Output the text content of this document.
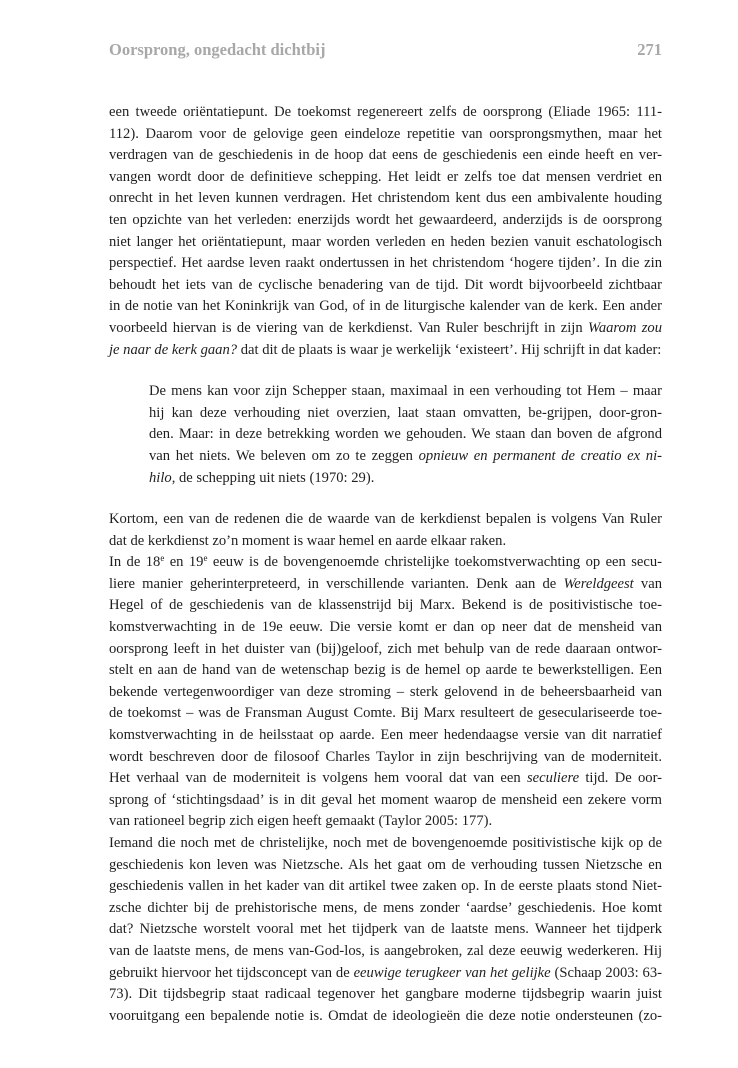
Oorsprong, ongedacht dichtbij	271
een tweede oriëntatiepunt. De toekomst regenereert zelfs de oorsprong (Eliade 1965: 111-
112). Daarom voor de gelovige geen eindeloze repetitie van oorsprongsmythen, maar het
verdragen van de geschiedenis in de hoop dat eens de geschiedenis een einde heeft en ver-
vangen wordt door de definitieve schepping. Het leidt er zelfs toe dat mensen verdriet en
onrecht in het leven kunnen verdragen. Het christendom kent dus een ambivalente houding
ten opzichte van het verleden: enerzijds wordt het gewaardeerd, anderzijds is de oorsprong
niet langer het oriëntatiepunt, maar worden verleden en heden bezien vanuit eschatologisch
perspectief. Het aardse leven raakt ondertussen in het christendom ‘hogere tijden’. In die zin
behoudt het iets van de cyclische benadering van de tijd. Dit wordt bijvoorbeeld zichtbaar
in de notie van het Koninkrijk van God, of in de liturgische kalender van de kerk. Een ander
voorbeeld hiervan is de viering van de kerkdienst. Van Ruler beschrijft in zijn Waarom zou
je naar de kerk gaan? dat dit de plaats is waar je werkelijk ‘existeert’. Hij schrijft in dat kader:
De mens kan voor zijn Schepper staan, maximaal in een verhouding tot Hem – maar
hij kan deze verhouding niet overzien, laat staan omvatten, be-grijpen, door-gron-
den. Maar: in deze betrekking worden we gehouden. We staan dan boven de afgrond
van het niets. We beleven om zo te zeggen opnieuw en permanent de creatio ex ni-
hilo, de schepping uit niets (1970: 29).
Kortom, een van de redenen die de waarde van de kerkdienst bepalen is volgens Van Ruler
dat de kerkdienst zo’n moment is waar hemel en aarde elkaar raken.
In de 18e en 19e eeuw is de bovengenoemde christelijke toekomstverwachting op een secu-
liere manier geherinterpreteerd, in verschillende varianten. Denk aan de Wereldgeest van
Hegel of de geschiedenis van de klassenstrijd bij Marx. Bekend is de positivistische toe-
komstverwachting in de 19e eeuw. Die versie komt er dan op neer dat de mensheid van
oorsprong leeft in het duister van (bij)geloof, zich met behulp van de rede daaraan ontwor-
stelt en aan de hand van de wetenschap bezig is de hemel op aarde te bewerkstelligen. Een
bekende vertegenwoordiger van deze stroming – sterk gelovend in de beheersbaarheid van
de toekomst – was de Fransman August Comte. Bij Marx resulteert de geseculariseerde toe-
komstverwachting in de heilsstaat op aarde. Een meer hedendaagse versie van dit narratief
wordt beschreven door de filosoof Charles Taylor in zijn beschrijving van de moderniteit.
Het verhaal van de moderniteit is volgens hem vooral dat van een seculiere tijd. De oor-
sprong of ‘stichtingsdaad’ is in dit geval het moment waarop de mensheid een zekere vorm
van rationeel begrip zich eigen heeft gemaakt (Taylor 2005: 177).
Iemand die noch met de christelijke, noch met de bovengenoemde positivistische kijk op de
geschiedenis kon leven was Nietzsche. Als het gaat om de verhouding tussen Nietzsche en
geschiedenis vallen in het kader van dit artikel twee zaken op. In de eerste plaats stond Niet-
zsche dichter bij de prehistorische mens, de mens zonder ‘aardse’ geschiedenis. Hoe komt
dat? Nietzsche worstelt vooral met het tijdperk van de laatste mens. Wanneer het tijdperk
van de laatste mens, de mens van-God-los, is aangebroken, zal deze eeuwig wederkeren. Hij
gebruikt hiervoor het tijdsconcept van de eeuwige terugkeer van het gelijke (Schaap 2003: 63-
73). Dit tijdsbegrip staat radicaal tegenover het gangbare moderne tijdsbegrip waarin juist
vooruitgang een bepalende notie is. Omdat de ideologieën die deze notie ondersteunen (zo-
